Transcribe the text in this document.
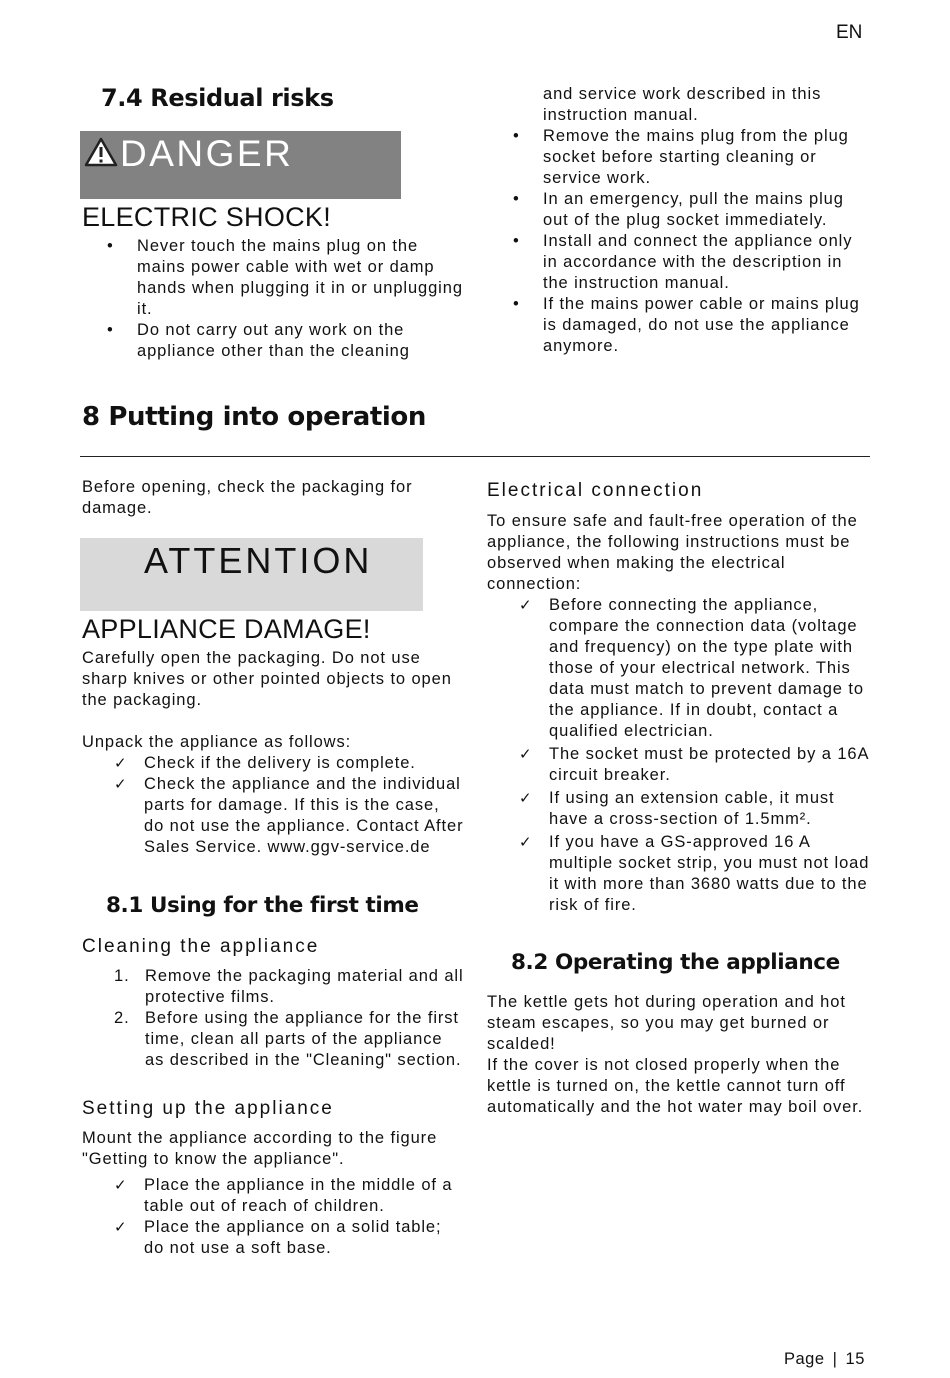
EN
7.4 Residual risks
DANGER
ELECTRIC SHOCK!
• Never touch the mains plug on the mains power cable with wet or damp hands when plugging it in or unplugging it.
• Do not carry out any work on the appliance other than the cleaning
and service work described in this instruction manual.
• Remove the mains plug from the plug socket before starting cleaning or service work.
• In an emergency, pull the mains plug out of the plug socket immediately.
• Install and connect the appliance only in accordance with the description in the instruction manual.
• If the mains power cable or mains plug is damaged, do not use the appliance anymore.
8 Putting into operation
Before opening, check the packaging for damage.
ATTENTION
APPLIANCE DAMAGE!
Carefully open the packaging. Do not use sharp knives or other pointed objects to open the packaging.
Unpack the appliance as follows:
✓ Check if the delivery is complete.
✓ Check the appliance and the individual parts for damage. If this is the case, do not use the appliance. Contact After Sales Service. www.ggv-service.de
8.1 Using for the first time
Cleaning the appliance
1. Remove the packaging material and all protective films.
2. Before using the appliance for the first time, clean all parts of the appliance as described in the "Cleaning" section.
Setting up the appliance
Mount the appliance according to the figure "Getting to know the appliance".
✓ Place the appliance in the middle of a table out of reach of children.
✓ Place the appliance on a solid table; do not use a soft base.
Electrical connection
To ensure safe and fault-free operation of the appliance, the following instructions must be observed when making the electrical connection:
✓ Before connecting the appliance, compare the connection data (voltage and frequency) on the type plate with those of your electrical network. This data must match to prevent damage to the appliance. If in doubt, contact a qualified electrician.
✓ The socket must be protected by a 16A circuit breaker.
✓ If using an extension cable, it must have a cross-section of 1.5mm².
✓ If you have a GS-approved 16 A multiple socket strip, you must not load it with more than 3680 watts due to the risk of fire.
8.2 Operating the appliance
The kettle gets hot during operation and hot steam escapes, so you may get burned or scalded!
If the cover is not closed properly when the kettle is turned on, the kettle cannot turn off automatically and the hot water may boil over.
Page | 15
